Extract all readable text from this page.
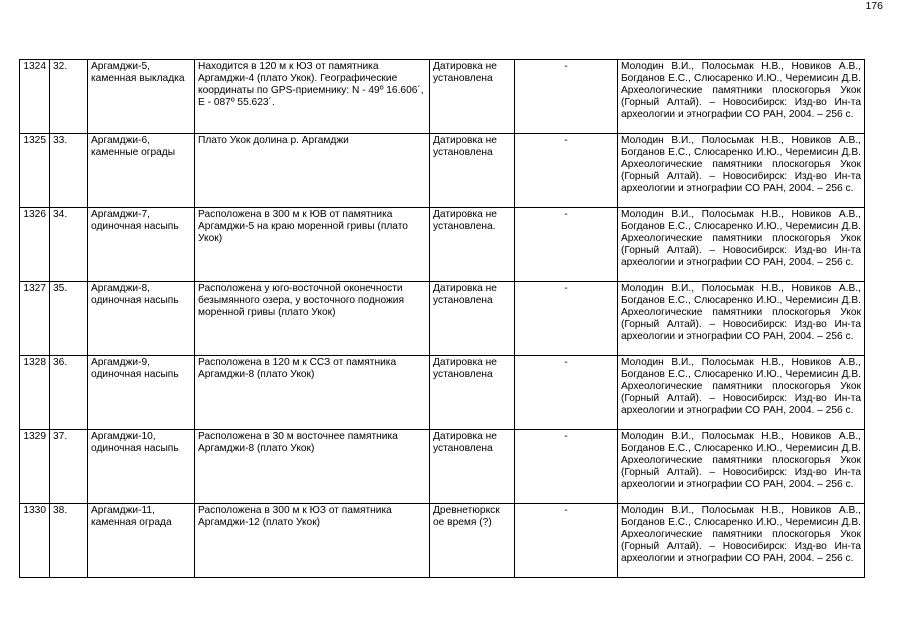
176
1324	32.	Аргамджи-5, каменная выкладка	Находится в 120 м к ЮЗ от памятника Аргамджи-4 (плато Укок). Географические координаты по GPS-приемнику: N - 49º 16.606´, E - 087º 55.623´.	Датировка не установлена	-	Молодин В.И., Полосьмак Н.В., Новиков А.В., Богданов Е.С., Слюсаренко И.Ю., Черемисин Д.В. Археологические памятники плоскогорья Укок (Горный Алтай). – Новосибирск: Изд-во Ин-та археологии и этнографии СО РАН, 2004. – 256 с.
1325	33.	Аргамджи-6, каменные ограды	Плато Укок долина р. Аргамджи	Датировка не установлена	-	Молодин В.И., Полосьмак Н.В., Новиков А.В., Богданов Е.С., Слюсаренко И.Ю., Черемисин Д.В. Археологические памятники плоскогорья Укок (Горный Алтай). – Новосибирск: Изд-во Ин-та археологии и этнографии СО РАН, 2004. – 256 с.
1326	34.	Аргамджи-7, одиночная насыпь	Расположена в 300 м к ЮВ от памятника Аргамджи-5 на краю моренной гривы (плато Укок)	Датировка не установлена.	-	Молодин В.И., Полосьмак Н.В., Новиков А.В., Богданов Е.С., Слюсаренко И.Ю., Черемисин Д.В. Археологические памятники плоскогорья Укок (Горный Алтай). – Новосибирск: Изд-во Ин-та археологии и этнографии СО РАН, 2004. – 256 с.
1327	35.	Аргамджи-8, одиночная насыпь	Расположена у юго-восточной оконечности безымянного озера, у восточного подножия моренной гривы (плато Укок)	Датировка не установлена	-	Молодин В.И., Полосьмак Н.В., Новиков А.В., Богданов Е.С., Слюсаренко И.Ю., Черемисин Д.В. Археологические памятники плоскогорья Укок (Горный Алтай). – Новосибирск: Изд-во Ин-та археологии и этнографии СО РАН, 2004. – 256 с.
1328	36.	Аргамджи-9, одиночная насыпь	Расположена в 120 м к ССЗ от памятника Аргамджи-8 (плато Укок)	Датировка не установлена	-	Молодин В.И., Полосьмак Н.В., Новиков А.В., Богданов Е.С., Слюсаренко И.Ю., Черемисин Д.В. Археологические памятники плоскогорья Укок (Горный Алтай). – Новосибирск: Изд-во Ин-та археологии и этнографии СО РАН, 2004. – 256 с.
1329	37.	Аргамджи-10, одиночная насыпь	Расположена в 30 м восточнее памятника Аргамджи-8 (плато Укок)	Датировка не установлена	-	Молодин В.И., Полосьмак Н.В., Новиков А.В., Богданов Е.С., Слюсаренко И.Ю., Черемисин Д.В. Археологические памятники плоскогорья Укок (Горный Алтай). – Новосибирск: Изд-во Ин-та археологии и этнографии СО РАН, 2004. – 256 с.
1330	38.	Аргамджи-11, каменная ограда	Расположена в 300 м к ЮЗ от памятника Аргамджи-12 (плато Укок)	Древнетюркск ое время (?)	-	Молодин В.И., Полосьмак Н.В., Новиков А.В., Богданов Е.С., Слюсаренко И.Ю., Черемисин Д.В. Археологические памятники плоскогорья Укок (Горный Алтай). – Новосибирск: Изд-во Ин-та археологии и этнографии СО РАН, 2004. – 256 с.
